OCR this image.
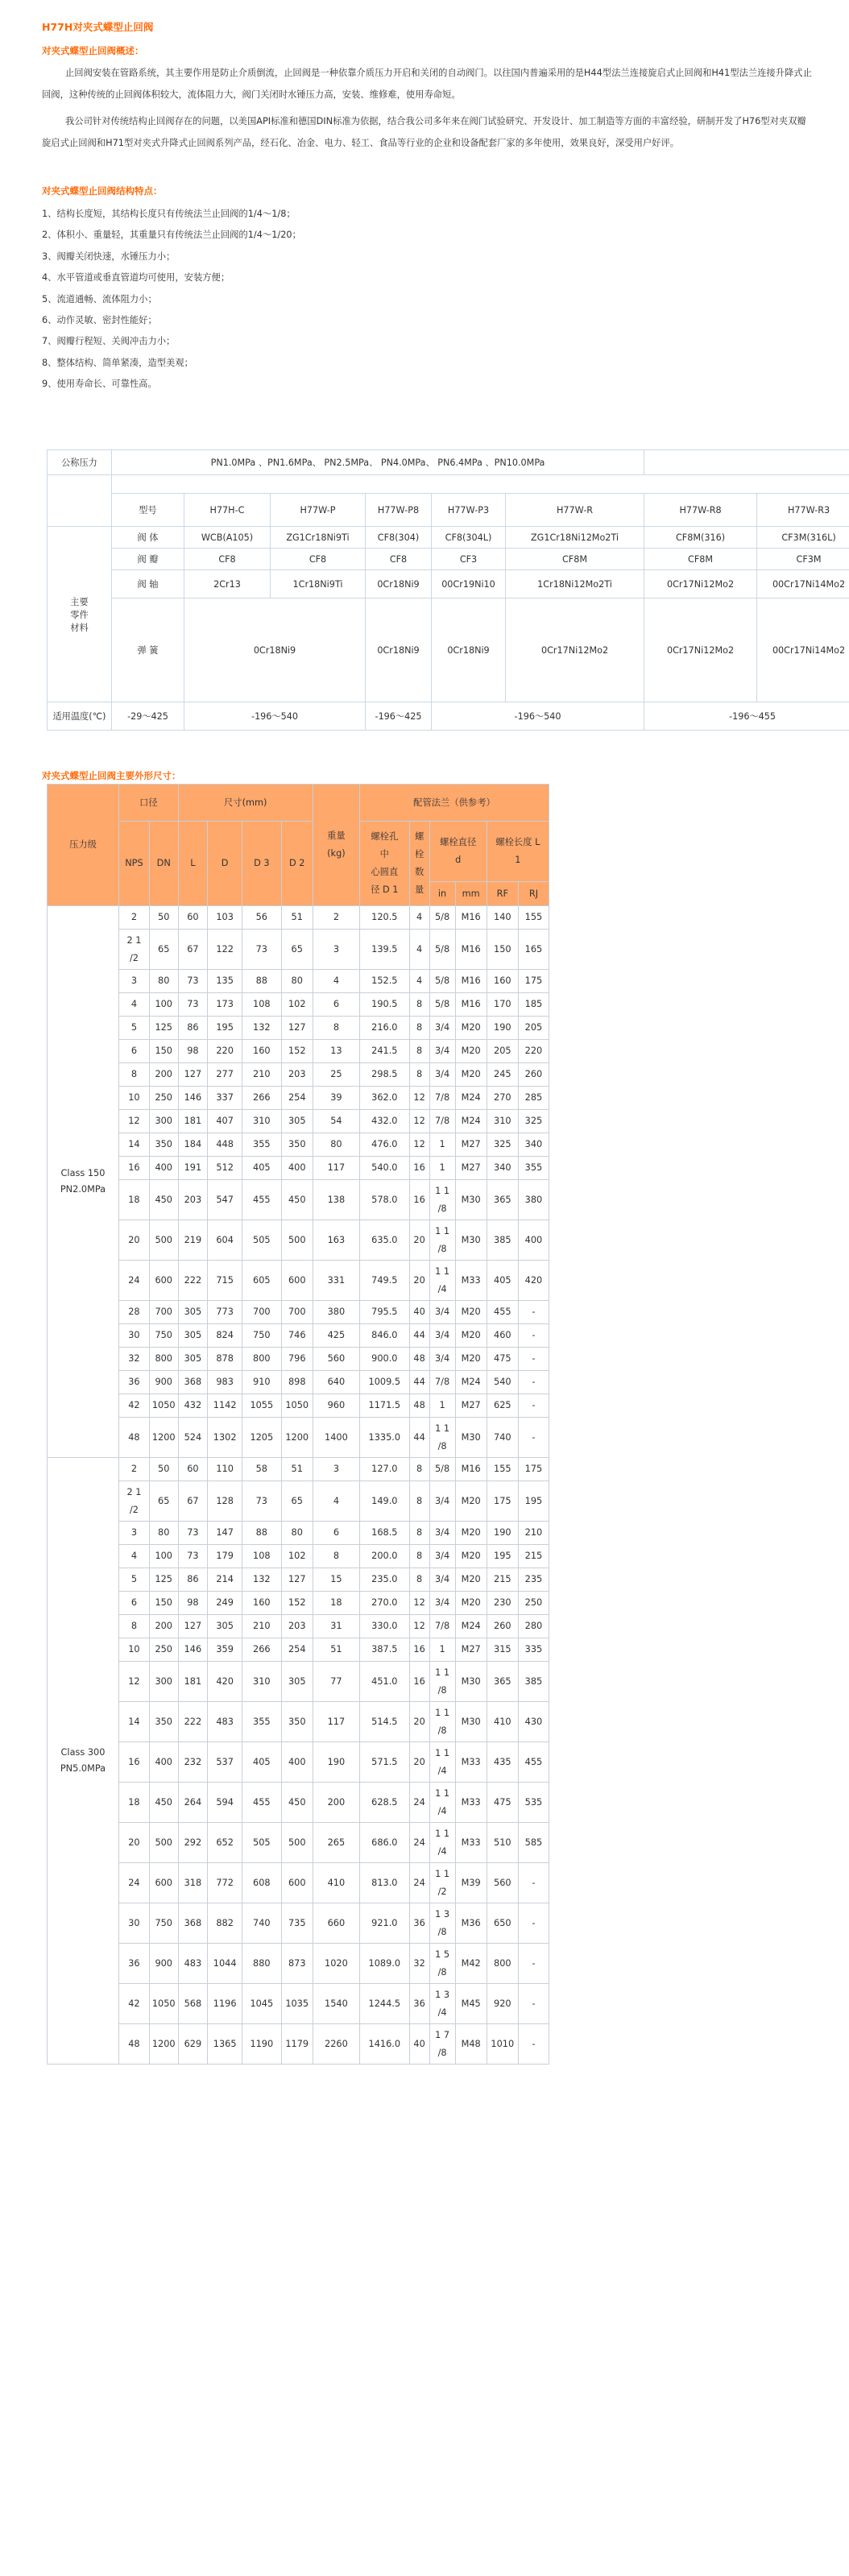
H77H对夹式蝶型止回阀
对夹式蝶型止回阀概述：
止回阀安装在管路系统，其主要作用是防止介质倒流，止回阀是一种依靠介质压力开启和关闭的自动阀门。以往国内普遍采用的是H44型法兰连接旋启式止回阀和H41型法兰连接升降式止回阀，这种传统的止回阀体积较大，流体阻力大，阀门关闭时水锤压力高，安装、维修难，使用寿命短。
我公司针对传统结构止回阀存在的问题，以美国API标准和德国DIN标准为依据，结合我公司多年来在阀门试验研究、开发设计、加工制造等方面的丰富经验，研制开发了H76型对夹双瓣旋启式止回阀和H71型对夹式升降式止回阀系列产品，经石化、冶金、电力、轻工、食品等行业的企业和设备配套厂家的多年使用，效果良好，深受用户好评。
对夹式蝶型止回阀结构特点：
1、结构长度短，其结构长度只有传统法兰止回阀的1/4～1/8；
2、体积小、重量轻，其重量只有传统法兰止回阀的1/4～1/20；
3、阀瓣关闭快速，水锤压力小；
4、水平管道或垂直管道均可使用，安装方便；
5、流道通畅、流体阻力小；
6、动作灵敏、密封性能好；
7、阀瓣行程短、关阀冲击力小；
8、整体结构、简单紧凑，造型美观；
9、使用寿命长、可靠性高。
公称压力	PN1.0MPa 、PN1.6MPa、 PN2.5MPa、 PN4.0MPa、 PN6.4MPa 、PN10.0MPa								

	型号	H77H-C	H77W-P	H77W-P8	H77W-P3	H77W-R	H77W-R8	H77W-R3	
主要
零件
材料	阀 体	WCB(A105)	ZG1Cr18Ni9Ti	CF8(304)	CF8(304L)	ZG1Cr18Ni12Mo2Ti	CF8M(316)	CF3M(316L)	
	阀 瓣	CF8	CF8	CF8	CF3	CF8M	CF8M	CF3M	
	阀 轴	2Cr13	1Cr18Ni9Ti	0Cr18Ni9	00Cr19Ni10	1Cr18Ni12Mo2Ti	0Cr17Ni12Mo2	00Cr17Ni14Mo2	
	弹 簧	0Cr18Ni9		0Cr18Ni9	0Cr18Ni9	0Cr17Ni12Mo2	0Cr17Ni12Mo2	00Cr17Ni14Mo2	

适用温度(℃)	-29～425	-196～540		-196～425	-196～540		-196～455		
对夹式蝶型止回阀主要外形尺寸：
压力级	口径		尺寸(mm)				重量
(kg)	配管法兰（供参考）					
	NPS	DN	L	D	D 3	D 2		螺栓孔
中
心圆直
径 D 1	螺
栓
数
量	螺栓直径
d		螺栓长度 L
1	
										in	mm	RF	RJ
Class 150
PN2.0MPa	2	50	60	103	56	51	2	120.5	4	5/8	M16	140	155
	2 1
/2	65	67	122	73	65	3	139.5	4	5/8	M16	150	165
	3	80	73	135	88	80	4	152.5	4	5/8	M16	160	175
	4	100	73	173	108	102	6	190.5	8	5/8	M16	170	185
	5	125	86	195	132	127	8	216.0	8	3/4	M20	190	205
	6	150	98	220	160	152	13	241.5	8	3/4	M20	205	220
	8	200	127	277	210	203	25	298.5	8	3/4	M20	245	260
	10	250	146	337	266	254	39	362.0	12	7/8	M24	270	285
	12	300	181	407	310	305	54	432.0	12	7/8	M24	310	325
	14	350	184	448	355	350	80	476.0	12	1	M27	325	340
	16	400	191	512	405	400	117	540.0	16	1	M27	340	355
	18	450	203	547	455	450	138	578.0	16	1 1
/8	M30	365	380
	20	500	219	604	505	500	163	635.0	20	1 1
/8	M30	385	400
	24	600	222	715	605	600	331	749.5	20	1 1
/4	M33	405	420
	28	700	305	773	700	700	380	795.5	40	3/4	M20	455	-
	30	750	305	824	750	746	425	846.0	44	3/4	M20	460	-
	32	800	305	878	800	796	560	900.0	48	3/4	M20	475	-
	36	900	368	983	910	898	640	1009.5	44	7/8	M24	540	-
	42	1050	432	1142	1055	1050	960	1171.5	48	1	M27	625	-
	48	1200	524	1302	1205	1200	1400	1335.0	44	1 1
/8	M30	740	-
Class 300
PN5.0MPa	2	50	60	110	58	51	3	127.0	8	5/8	M16	155	175
	2 1
/2	65	67	128	73	65	4	149.0	8	3/4	M20	175	195
	3	80	73	147	88	80	6	168.5	8	3/4	M20	190	210
	4	100	73	179	108	102	8	200.0	8	3/4	M20	195	215
	5	125	86	214	132	127	15	235.0	8	3/4	M20	215	235
	6	150	98	249	160	152	18	270.0	12	3/4	M20	230	250
	8	200	127	305	210	203	31	330.0	12	7/8	M24	260	280
	10	250	146	359	266	254	51	387.5	16	1	M27	315	335
	12	300	181	420	310	305	77	451.0	16	1 1
/8	M30	365	385
	14	350	222	483	355	350	117	514.5	20	1 1
/8	M30	410	430
	16	400	232	537	405	400	190	571.5	20	1 1
/4	M33	435	455
	18	450	264	594	455	450	200	628.5	24	1 1
/4	M33	475	535
	20	500	292	652	505	500	265	686.0	24	1 1
/4	M33	510	585
	24	600	318	772	608	600	410	813.0	24	1 1
/2	M39	560	-
	30	750	368	882	740	735	660	921.0	36	1 3
/8	M36	650	-
	36	900	483	1044	880	873	1020	1089.0	32	1 5
/8	M42	800	-
	42	1050	568	1196	1045	1035	1540	1244.5	36	1 3
/4	M45	920	-
	48	1200	629	1365	1190	1179	2260	1416.0	40	1 7
/8	M48	1010	-
